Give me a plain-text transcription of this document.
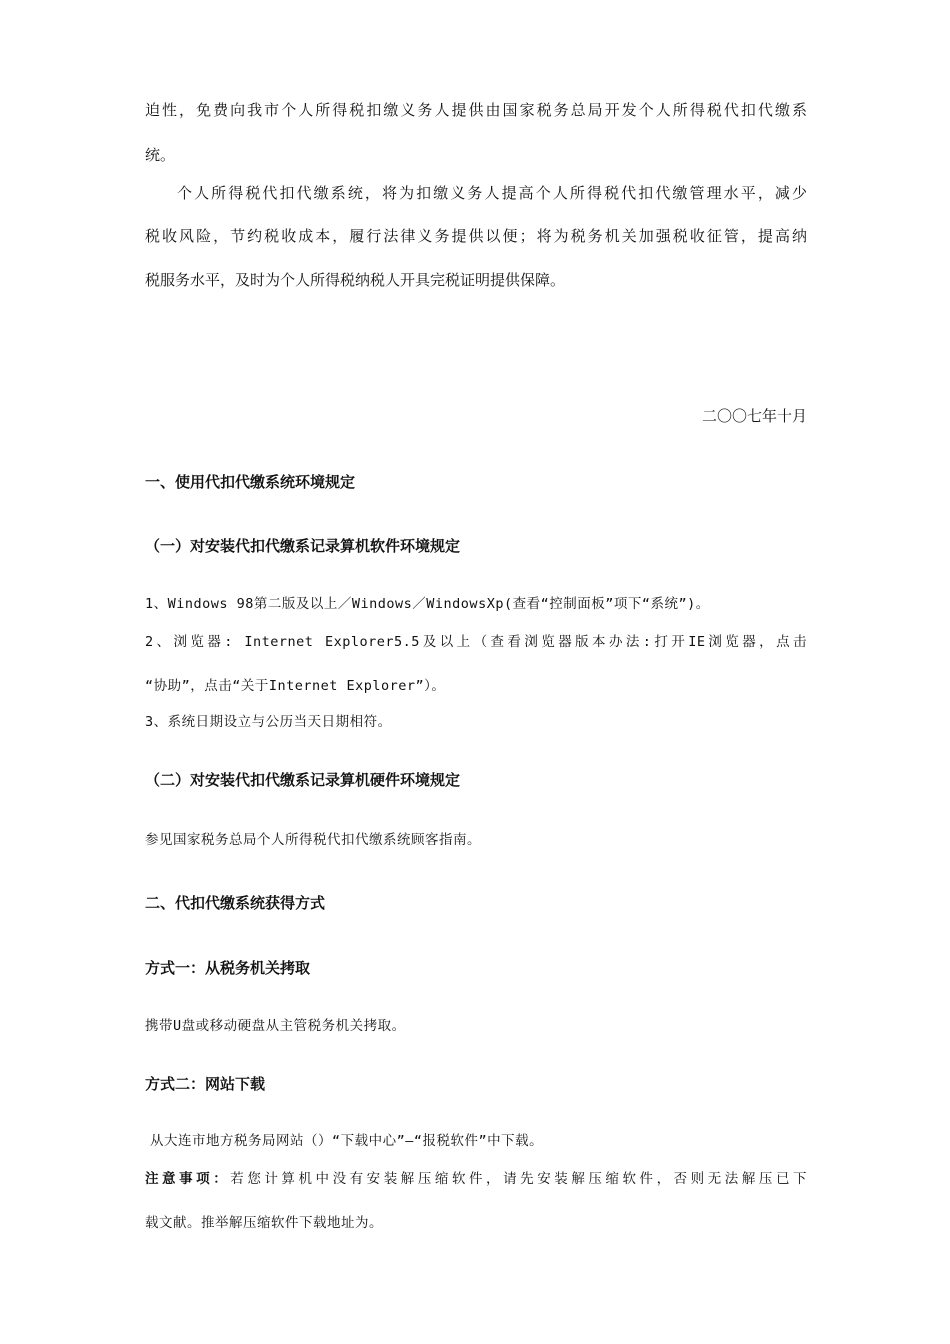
迫性，免费向我市个人所得税扣缴义务人提供由国家税务总局开发个人所得税代扣代缴系
统。
个人所得税代扣代缴系统，将为扣缴义务人提高个人所得税代扣代缴管理水平，减少
税收风险，节约税收成本，履行法律义务提供以便；将为税务机关加强税收征管，提高纳
税服务水平，及时为个人所得税纳税人开具完税证明提供保障。
二〇〇七年十月
一、使用代扣代缴系统环境规定
（一）对安装代扣代缴系记录算机软件环境规定
1、Windows 98第二版及以上／Windows／WindowsXp(查看“控制面板”项下“系统”)。
2、浏览器: Internet Explorer5.5及以上（查看浏览器版本办法:打开IE浏览器，点击
“协助”，点击“关于Internet Explorer”）。
3、系统日期设立与公历当天日期相符。
（二）对安装代扣代缴系记录算机硬件环境规定
参见国家税务总局个人所得税代扣代缴系统顾客指南。
二、代扣代缴系统获得方式
方式一：从税务机关拷取
携带U盘或移动硬盘从主管税务机关拷取。
方式二：网站下载
从大连市地方税务局网站（）“下载中心”—“报税软件”中下载。
注意事项：若您计算机中没有安装解压缩软件，请先安装解压缩软件，否则无法解压已下
载文献。推举解压缩软件下载地址为。
